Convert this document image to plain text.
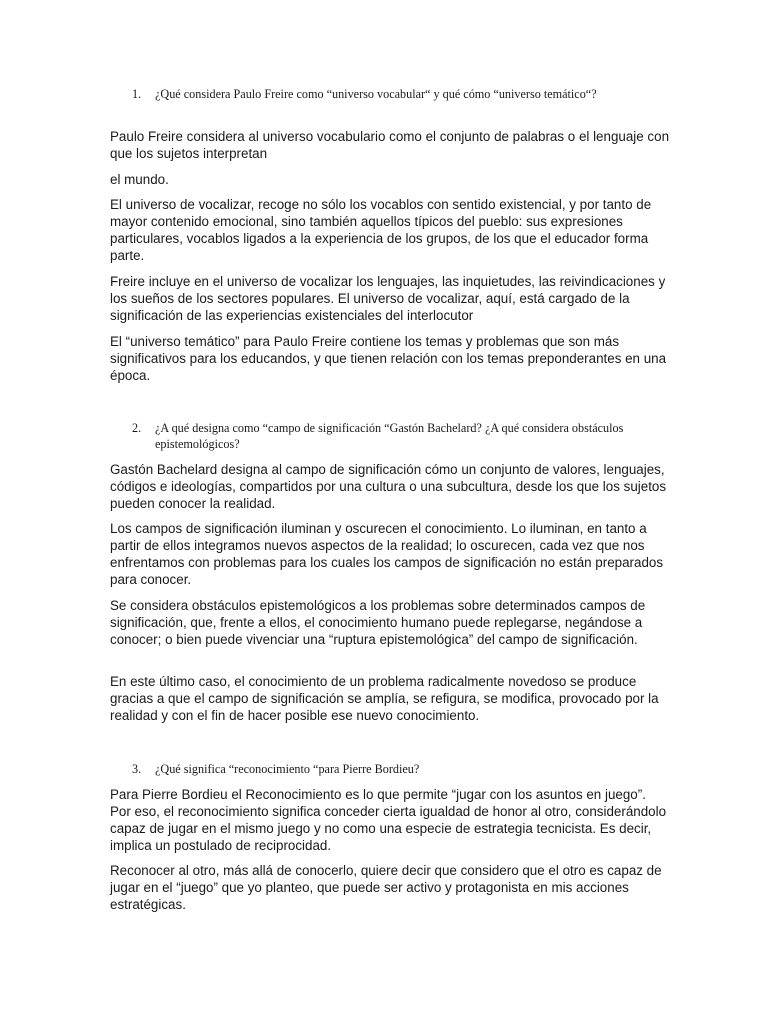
1. ¿Qué considera Paulo Freire como “universo vocabular“ y qué cómo “universo temático“?

Paulo Freire considera al universo vocabulario como el conjunto de palabras o el lenguaje con que los sujetos interpretan

el mundo.

El universo de vocalizar, recoge no sólo los vocablos con sentido existencial, y por tanto de mayor contenido emocional, sino también aquellos típicos del pueblo: sus expresiones particulares, vocablos ligados a la experiencia de los grupos, de los que el educador forma parte.

Freire incluye en el universo de vocalizar los lenguajes, las inquietudes, las reivindicaciones y los sueños de los sectores populares. El universo de vocalizar, aquí, está cargado de la significación de las experiencias existenciales del interlocutor

El “universo temático” para Paulo Freire contiene los temas y problemas que son más significativos para los educandos, y que tienen relación con los temas preponderantes en una época.

2. ¿A qué designa como “campo de significación “Gastón Bachelard? ¿A qué considera obstáculos epistemológicos?

Gastón Bachelard designa al campo de significación cómo un conjunto de valores, lenguajes, códigos e ideologías, compartidos por una cultura o una subcultura, desde los que los sujetos pueden conocer la realidad.

Los campos de significación iluminan y oscurecen el conocimiento. Lo iluminan, en tanto a partir de ellos integramos nuevos aspectos de la realidad; lo oscurecen, cada vez que nos enfrentamos con problemas para los cuales los campos de significación no están preparados para conocer.

Se considera obstáculos epistemológicos a los problemas sobre determinados campos de significación, que, frente a ellos, el conocimiento humano puede replegarse, negándose a conocer; o bien puede vivenciar una “ruptura epistemológica” del campo de significación.

En este último caso, el conocimiento de un problema radicalmente novedoso se produce gracias a que el campo de significación se amplía, se refigura, se modifica, provocado por la realidad y con el fin de hacer posible ese nuevo conocimiento.

3. ¿Qué significa “reconocimiento “para Pierre Bordieu?

Para Pierre Bordieu el Reconocimiento es lo que permite “jugar con los asuntos en juego”. Por eso, el reconocimiento significa conceder cierta igualdad de honor al otro, considerándolo capaz de jugar en el mismo juego y no como una especie de estrategia tecnicista. Es decir, implica un postulado de reciprocidad.

Reconocer al otro, más allá de conocerlo, quiere decir que considero que el otro es capaz de jugar en el “juego” que yo planteo, que puede ser activo y protagonista en mis acciones estratégicas.
